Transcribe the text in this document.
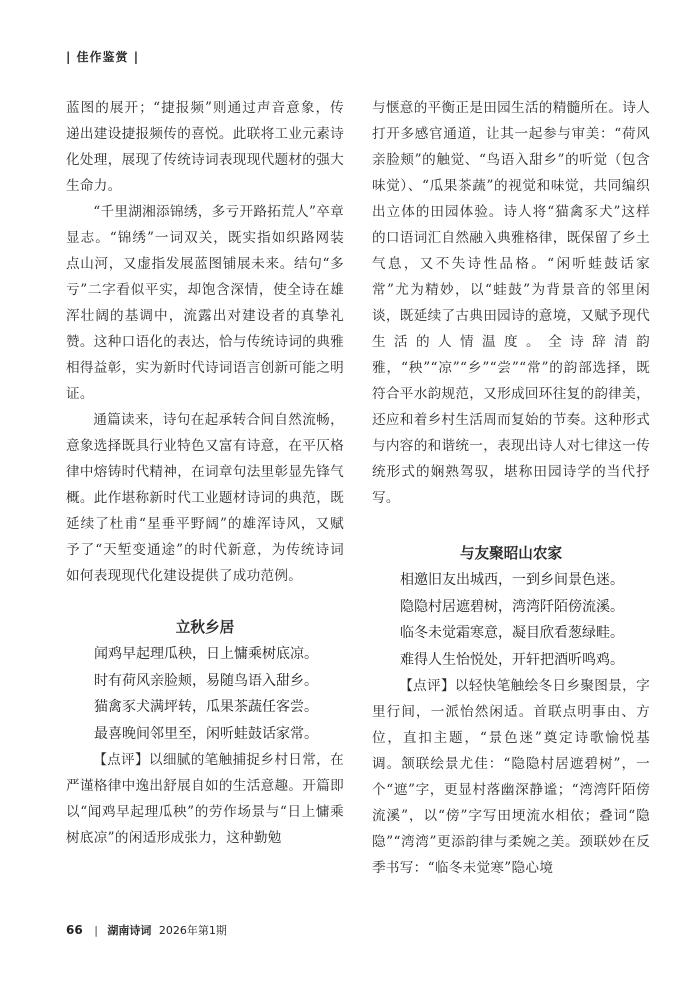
| 佳作鉴赏 |

蓝图的展开；“捷报频”则通过声音意象，传递出建设捷报频传的喜悦。此联将工业元素诗化处理，展现了传统诗词表现现代题材的强大生命力。

“千里湖湘添锦绣，多亏开路拓荒人”卒章显志。“锦绣”一词双关，既实指如织路网装点山河，又虚指发展蓝图铺展未来。结句“多亏”二字看似平实，却饱含深情，使全诗在雄浑壮阔的基调中，流露出对建设者的真挚礼赞。这种口语化的表达，恰与传统诗词的典雅相得益彰，实为新时代诗词语言创新可能之明证。

通篇读来，诗句在起承转合间自然流畅，意象选择既具行业特色又富有诗意，在平仄格律中熔铸时代精神，在词章句法里彰显先锋气概。此作堪称新时代工业题材诗词的典范，既延续了杜甫“星垂平野阔”的雄浑诗风，又赋予了“天堑变通途”的时代新意，为传统诗词如何表现现代化建设提供了成功范例。

立秋乡居

闻鸡早起理瓜秧，日上慵乘树底凉。

时有荷风亲脸颊，易随鸟语入甜乡。

猫禽豕犬满坪转，瓜果茶蔬任客尝。

最喜晚间邻里至，闲听蛙鼓话家常。

【点评】以细腻的笔触捕捉乡村日常，在严谨格律中逸出舒展自如的生活意趣。开篇即以“闻鸡早起理瓜秧”的劳作场景与“日上慵乘树底凉”的闲适形成张力，这种勤勉

与惬意的平衡正是田园生活的精髓所在。诗人打开多感官通道，让其一起参与审美：“荷风亲脸颊”的触觉、“鸟语入甜乡”的听觉（包含味觉）、“瓜果茶蔬”的视觉和味觉，共同编织出立体的田园体验。诗人将“猫禽豕犬”这样的口语词汇自然融入典雅格律，既保留了乡土气息，又不失诗性品格。“闲听蛙鼓话家常”尤为精妙，以“蛙鼓”为背景音的邻里闲谈，既延续了古典田园诗的意境，又赋予现代生活的人情温度。全诗辞清韵雅，“秧”“凉”“乡”“尝”“常”的韵部选择，既符合平水韵规范，又形成回环往复的韵律美，还应和着乡村生活周而复始的节奏。这种形式与内容的和谐统一，表现出诗人对七律这一传统形式的娴熟驾驭，堪称田园诗学的当代抒写。

与友聚昭山农家

相邀旧友出城西，一到乡间景色迷。

隐隐村居遮碧树，湾湾阡陌傍流溪。

临冬未觉霜寒意，凝目欣看葱绿畦。

难得人生怡悦处，开轩把酒听鸣鸡。

【点评】以轻快笔触绘冬日乡聚图景，字里行间，一派怡然闲适。首联点明事由、方位，直扣主题，“景色迷”奠定诗歌愉悦基调。颔联绘景尤佳：“隐隐村居遮碧树”，一个“遮”字，更显村落幽深静谧；“湾湾阡陌傍流溪”，以“傍”字写田埂流水相依；叠词“隐隐”“湾湾”更添韵律与柔婉之美。颈联妙在反季书写：“临冬未觉寒”隐心境

66 | 湖南诗词 2026年第1期
